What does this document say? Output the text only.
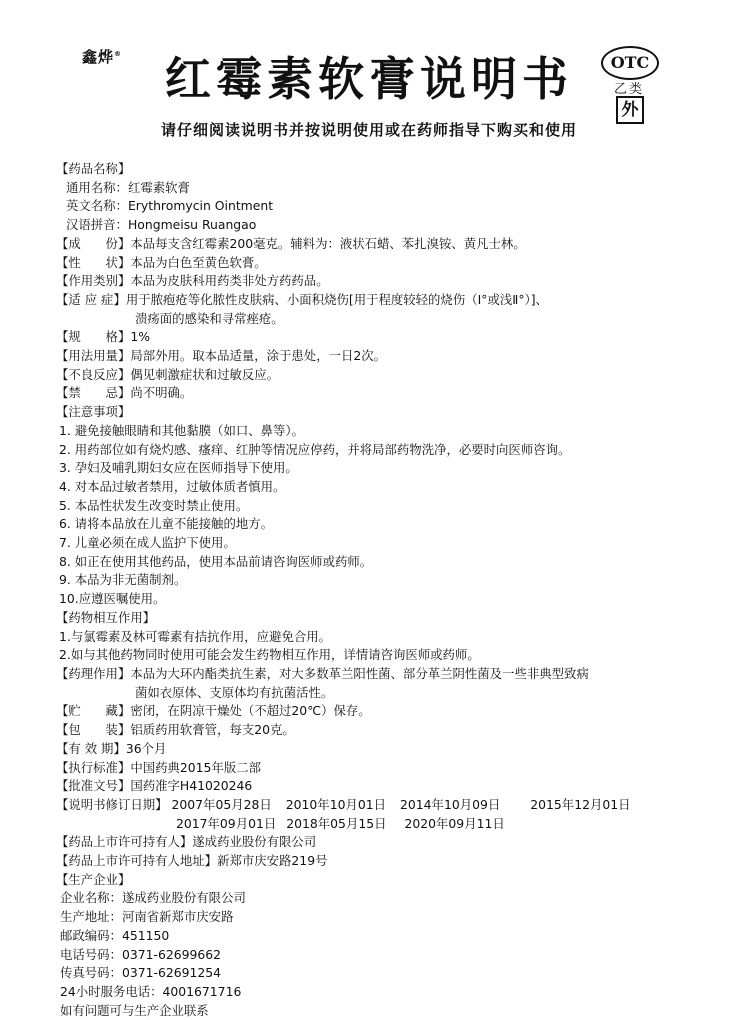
鑫烨® 红霉素软膏说明书	OTC
乙类
外
请仔细阅读说明书并按说明使用或在药师指导下购买和使用
【药品名称】
通用名称：红霉素软膏
英文名称：Erythromycin Ointment
汉语拼音：Hongmeisu Ruangao
【成　　份】本品每支含红霉素200毫克。辅料为：液状石蜡、苯扎溴铵、黄凡士林。
【性　　状】本品为白色至黄色软膏。
【作用类别】本品为皮肤科用药类非处方药药品。
【适 应 症】用于脓疱疮等化脓性皮肤病、小面积烧伤[用于程度较轻的烧伤（Ⅰ°或浅Ⅱ°）]、
溃疡面的感染和寻常痤疮。
【规　　格】1%
【用法用量】局部外用。取本品适量，涂于患处，一日2次。
【不良反应】偶见刺激症状和过敏反应。
【禁　　忌】尚不明确。
【注意事项】
1. 避免接触眼睛和其他黏膜（如口、鼻等）。
2. 用药部位如有烧灼感、瘙痒、红肿等情况应停药，并将局部药物洗净，必要时向医师咨询。
3. 孕妇及哺乳期妇女应在医师指导下使用。
4. 对本品过敏者禁用，过敏体质者慎用。
5. 本品性状发生改变时禁止使用。
6. 请将本品放在儿童不能接触的地方。
7. 儿童必须在成人监护下使用。
8. 如正在使用其他药品，使用本品前请咨询医师或药师。
9. 本品为非无菌制剂。
10.应遵医嘱使用。
【药物相互作用】
1.与氯霉素及林可霉素有拮抗作用，应避免合用。
2.如与其他药物同时使用可能会发生药物相互作用，详情请咨询医师或药师。
【药理作用】本品为大环内酯类抗生素，对大多数革兰阳性菌、部分革兰阴性菌及一些非典型致病
菌如衣原体、支原体均有抗菌活性。
【贮　　藏】密闭，在阴凉干燥处（不超过20℃）保存。
【包　　装】铝质药用软膏管，每支20克。
【有 效 期】36个月
【执行标准】中国药典2015年版二部
【批准文号】国药准字H41020246
【说明书修订日期】 2007年05月28日 2010年10月01日 2014年10月09日 2015年12月01日
2017年09月01日 2018年05月15日 2020年09月11日
【药品上市许可持有人】遂成药业股份有限公司
【药品上市许可持有人地址】新郑市庆安路219号
【生产企业】
企业名称：遂成药业股份有限公司
生产地址：河南省新郑市庆安路
邮政编码：451150
电话号码：0371-62699662
传真号码：0371-62691254
24小时服务电话：4001671716
如有问题可与生产企业联系
